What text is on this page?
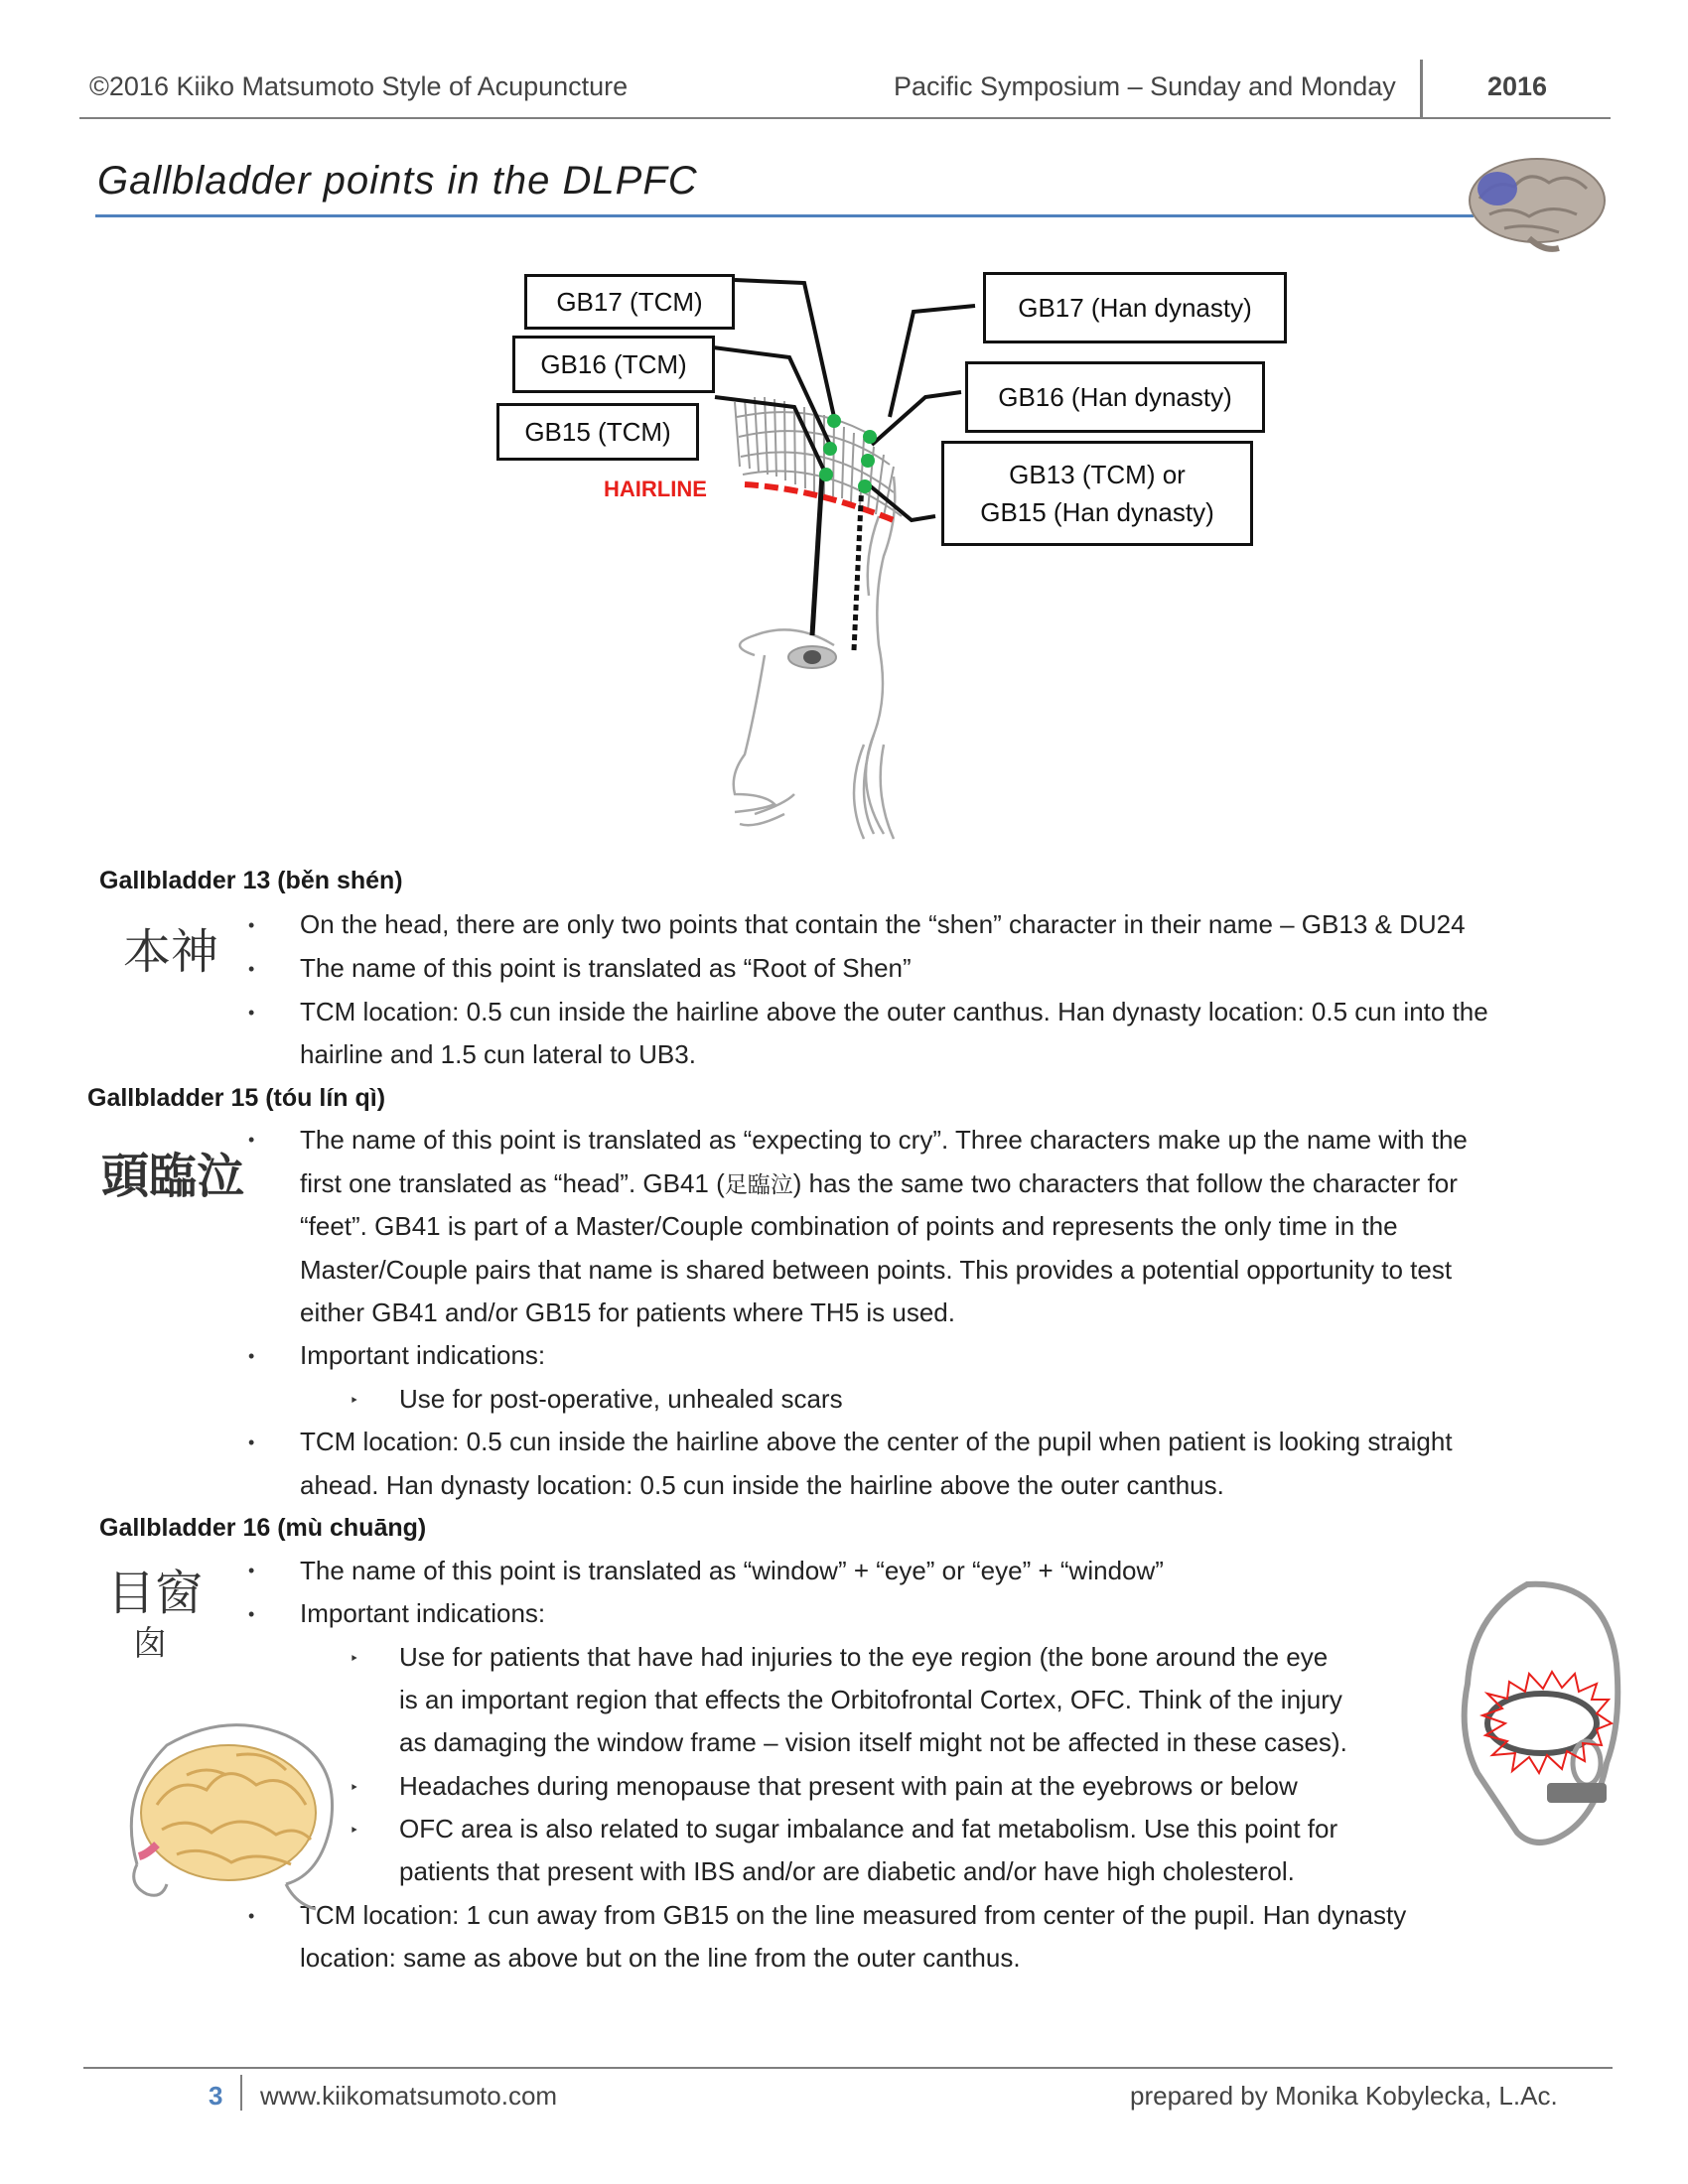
©2016 Kiiko Matsumoto Style of Acupuncture	Pacific Symposium – Sunday and Monday	2016
Gallbladder points in the DLPFC
GB17 (TCM)
GB16 (TCM)
GB15 (TCM)
HAIRLINE
GB17 (Han dynasty)
GB16 (Han dynasty)
GB13 (TCM) or
GB15 (Han dynasty)
Gallbladder 13 (běn shén)
本神 • On the head, there are only two points that contain the “shen” character in their name – GB13 & DU24
• The name of this point is translated as “Root of Shen”
• TCM location: 0.5 cun inside the hairline above the outer canthus. Han dynasty location: 0.5 cun into the
hairline and 1.5 cun lateral to UB3.
Gallbladder 15 (tóu lín qì)
頭臨泣
• The name of this point is translated as “expecting to cry”. Three characters make up the name with the
first one translated as “head”. GB41 (足臨泣) has the same two characters that follow the character for
“feet”. GB41 is part of a Master/Couple combination of points and represents the only time in the
Master/Couple pairs that name is shared between points. This provides a potential opportunity to test
either GB41 and/or GB15 for patients where TH5 is used.
• Important indications:
‣ Use for post-operative, unhealed scars
• TCM location: 0.5 cun inside the hairline above the center of the pupil when patient is looking straight
ahead. Han dynasty location: 0.5 cun inside the hairline above the outer canthus.
Gallbladder 16 (mù chuāng)
目窗
囱
• The name of this point is translated as “window” + “eye” or “eye” + “window”
• Important indications:
‣ Use for patients that have had injuries to the eye region (the bone around the eye
is an important region that effects the Orbitofrontal Cortex, OFC. Think of the injury
as damaging the window frame – vision itself might not be affected in these cases).
‣ Headaches during menopause that present with pain at the eyebrows or below
‣ OFC area is also related to sugar imbalance and fat metabolism. Use this point for
patients that present with IBS and/or are diabetic and/or have high cholesterol.
• TCM location: 1 cun away from GB15 on the line measured from center of the pupil. Han dynasty
location: same as above but on the line from the outer canthus.
3 www.kiikomatsumoto.com	prepared by Monika Kobylecka, L.Ac.
